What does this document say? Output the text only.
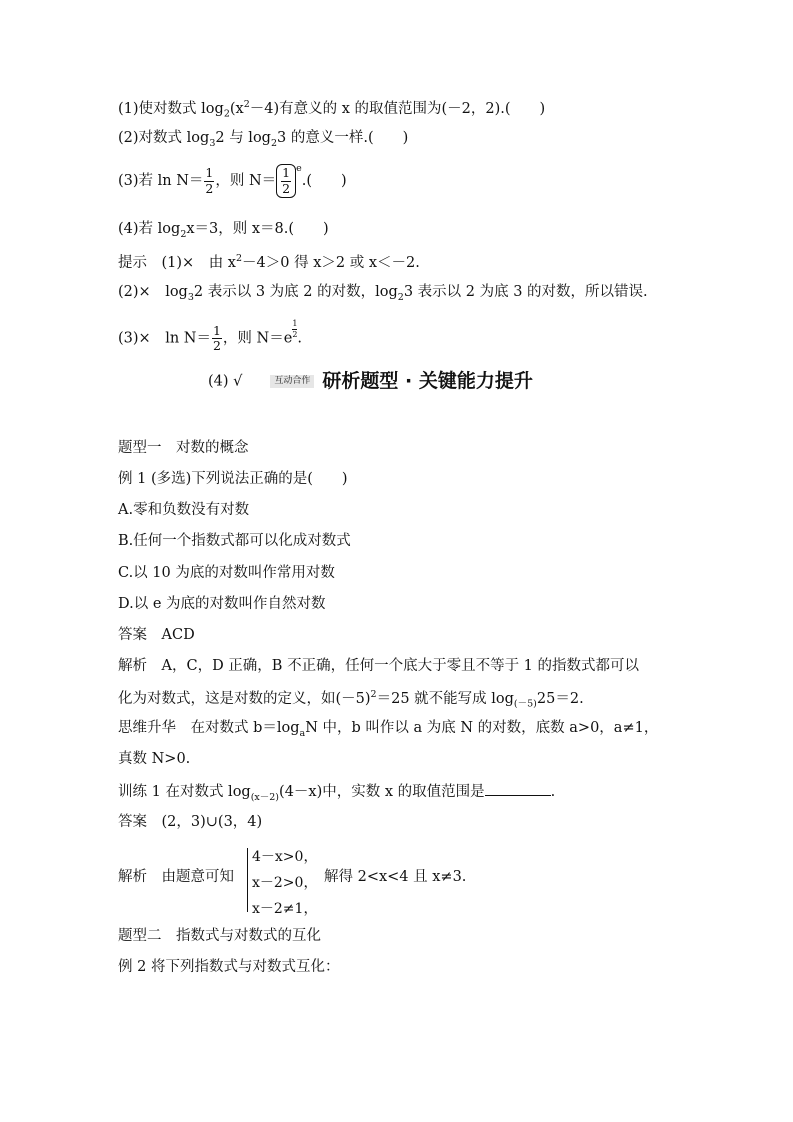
(1)使对数式 $\log_2(x^2-4)$有意义的 x 的取值范围为(－2，2).(　　)
(2)对数式 $\log_32$ 与 $\log_23$ 的意义一样.(　　)
(3)若 $\ln N= \frac{1}{2}$ ，则 $N= \frac{1}{2} ^e$.(　　)
(4)若 $\log_2x=3$，则 x＝8.(　　)
提示　 (1)×　由 $x^2-4>0$ 得 x＞2 或 x＜－2.
(2)×　$\log_32$ 表示以 3 为底 2 的对数，$\log_23$ 表示以 2 为底 3 的对数，所以错误.
(3)×　$\ln N= \frac{1}{2}$ ，则 $N=e\frac{1}{2}$.
(4) √	互动合作 研析题型 · 关键能力提升
题型一　对数的概念
例 1 (多选)下列说法正确的是(　　)
A.零和负数没有对数
B.任何一个指数式都可以化成对数式
C.以 10 为底的对数叫作常用对数
D.以 e 为底的对数叫作自然对数
答案　ACD
解析　A，C，D 正确，B 不正确，任何一个底大于零且不等于 1 的指数式都可以
化为对数式，这是对数的定义，如$(-5)^2=25$ 就不能写成 $\log_{(-5)}25=2$.
思维升华　在对数式 $b=\log_aN$ 中，b 叫作以 a 为底 N 的对数，底数 a>0，a≠1，
真数 N>0.
训练 1 在对数式 $\log_{(x-2)}(4-x)$中，实数 x 的取值范围是	.
答案　(2，3)∪(3，4)
解析　由题意可知
4－x>0，
x－2>0，
x－2≠1，
解得 2<x<4 且 x≠3.
题型二　指数式与对数式的互化
例 2 将下列指数式与对数式互化：
